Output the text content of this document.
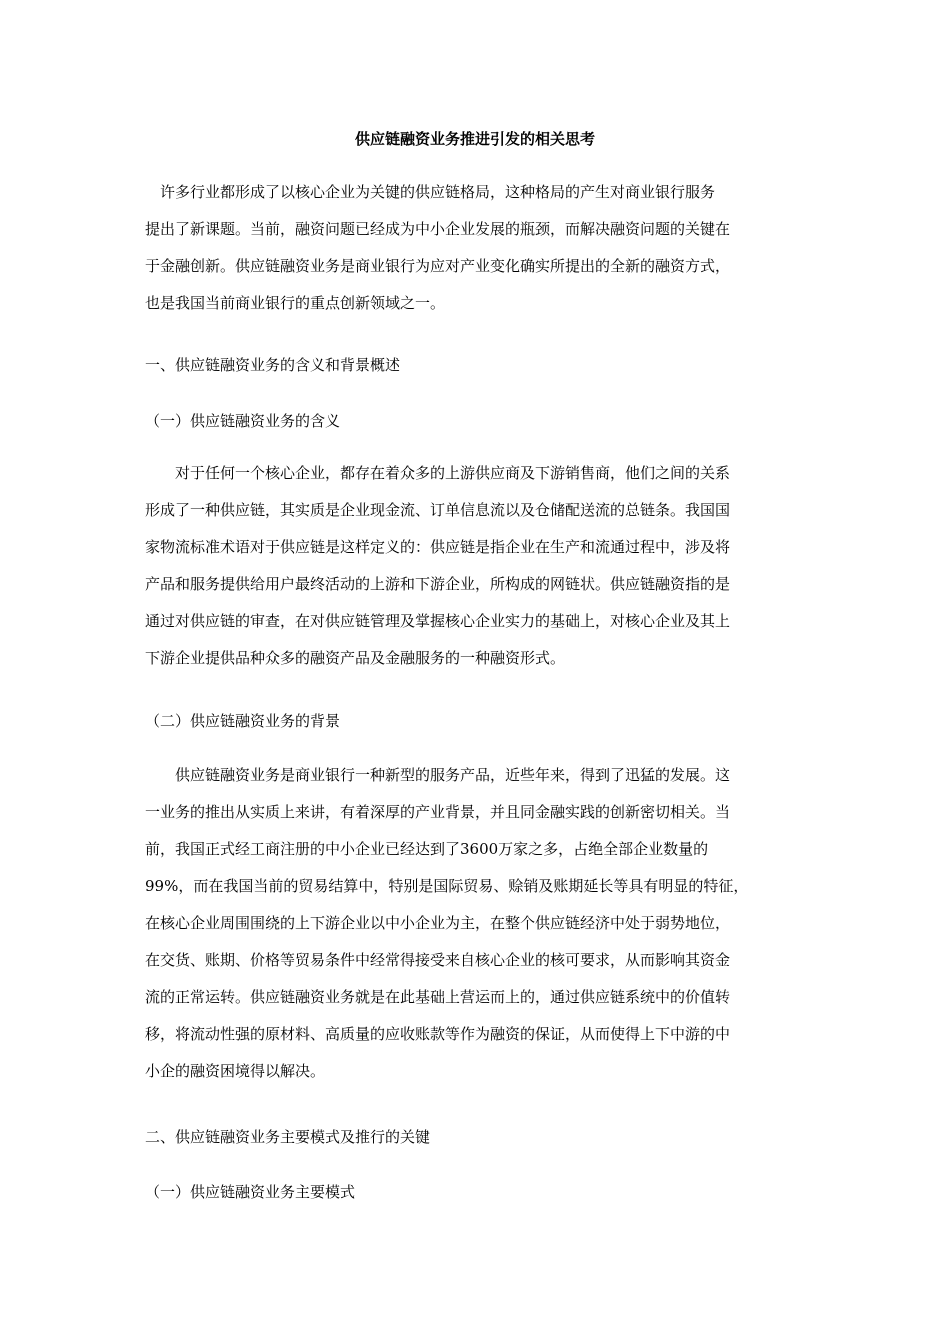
供应链融资业务推进引发的相关思考
　许多行业都形成了以核心企业为关键的供应链格局，这种格局的产生对商业银行服务
提出了新课题。当前，融资问题已经成为中小企业发展的瓶颈，而解决融资问题的关键在
于金融创新。供应链融资业务是商业银行为应对产业变化确实所提出的全新的融资方式，
也是我国当前商业银行的重点创新领域之一。
一、供应链融资业务的含义和背景概述
（一）供应链融资业务的含义
　　对于任何一个核心企业，都存在着众多的上游供应商及下游销售商，他们之间的关系
形成了一种供应链，其实质是企业现金流、订单信息流以及仓储配送流的总链条。我国国
家物流标准术语对于供应链是这样定义的：供应链是指企业在生产和流通过程中，涉及将
产品和服务提供给用户最终活动的上游和下游企业，所构成的网链状。供应链融资指的是
通过对供应链的审查，在对供应链管理及掌握核心企业实力的基础上，对核心企业及其上
下游企业提供品种众多的融资产品及金融服务的一种融资形式。
（二）供应链融资业务的背景
　　供应链融资业务是商业银行一种新型的服务产品，近些年来，得到了迅猛的发展。这
一业务的推出从实质上来讲，有着深厚的产业背景，并且同金融实践的创新密切相关。当
前，我国正式经工商注册的中小企业已经达到了3600万家之多，占绝全部企业数量的
99%，而在我国当前的贸易结算中，特别是国际贸易、赊销及账期延长等具有明显的特征，
在核心企业周围围绕的上下游企业以中小企业为主，在整个供应链经济中处于弱势地位，
在交货、账期、价格等贸易条件中经常得接受来自核心企业的核可要求，从而影响其资金
流的正常运转。供应链融资业务就是在此基础上营运而上的，通过供应链系统中的价值转
移，将流动性强的原材料、高质量的应收账款等作为融资的保证，从而使得上下中游的中
小企的融资困境得以解决。
二、供应链融资业务主要模式及推行的关键
（一）供应链融资业务主要模式
